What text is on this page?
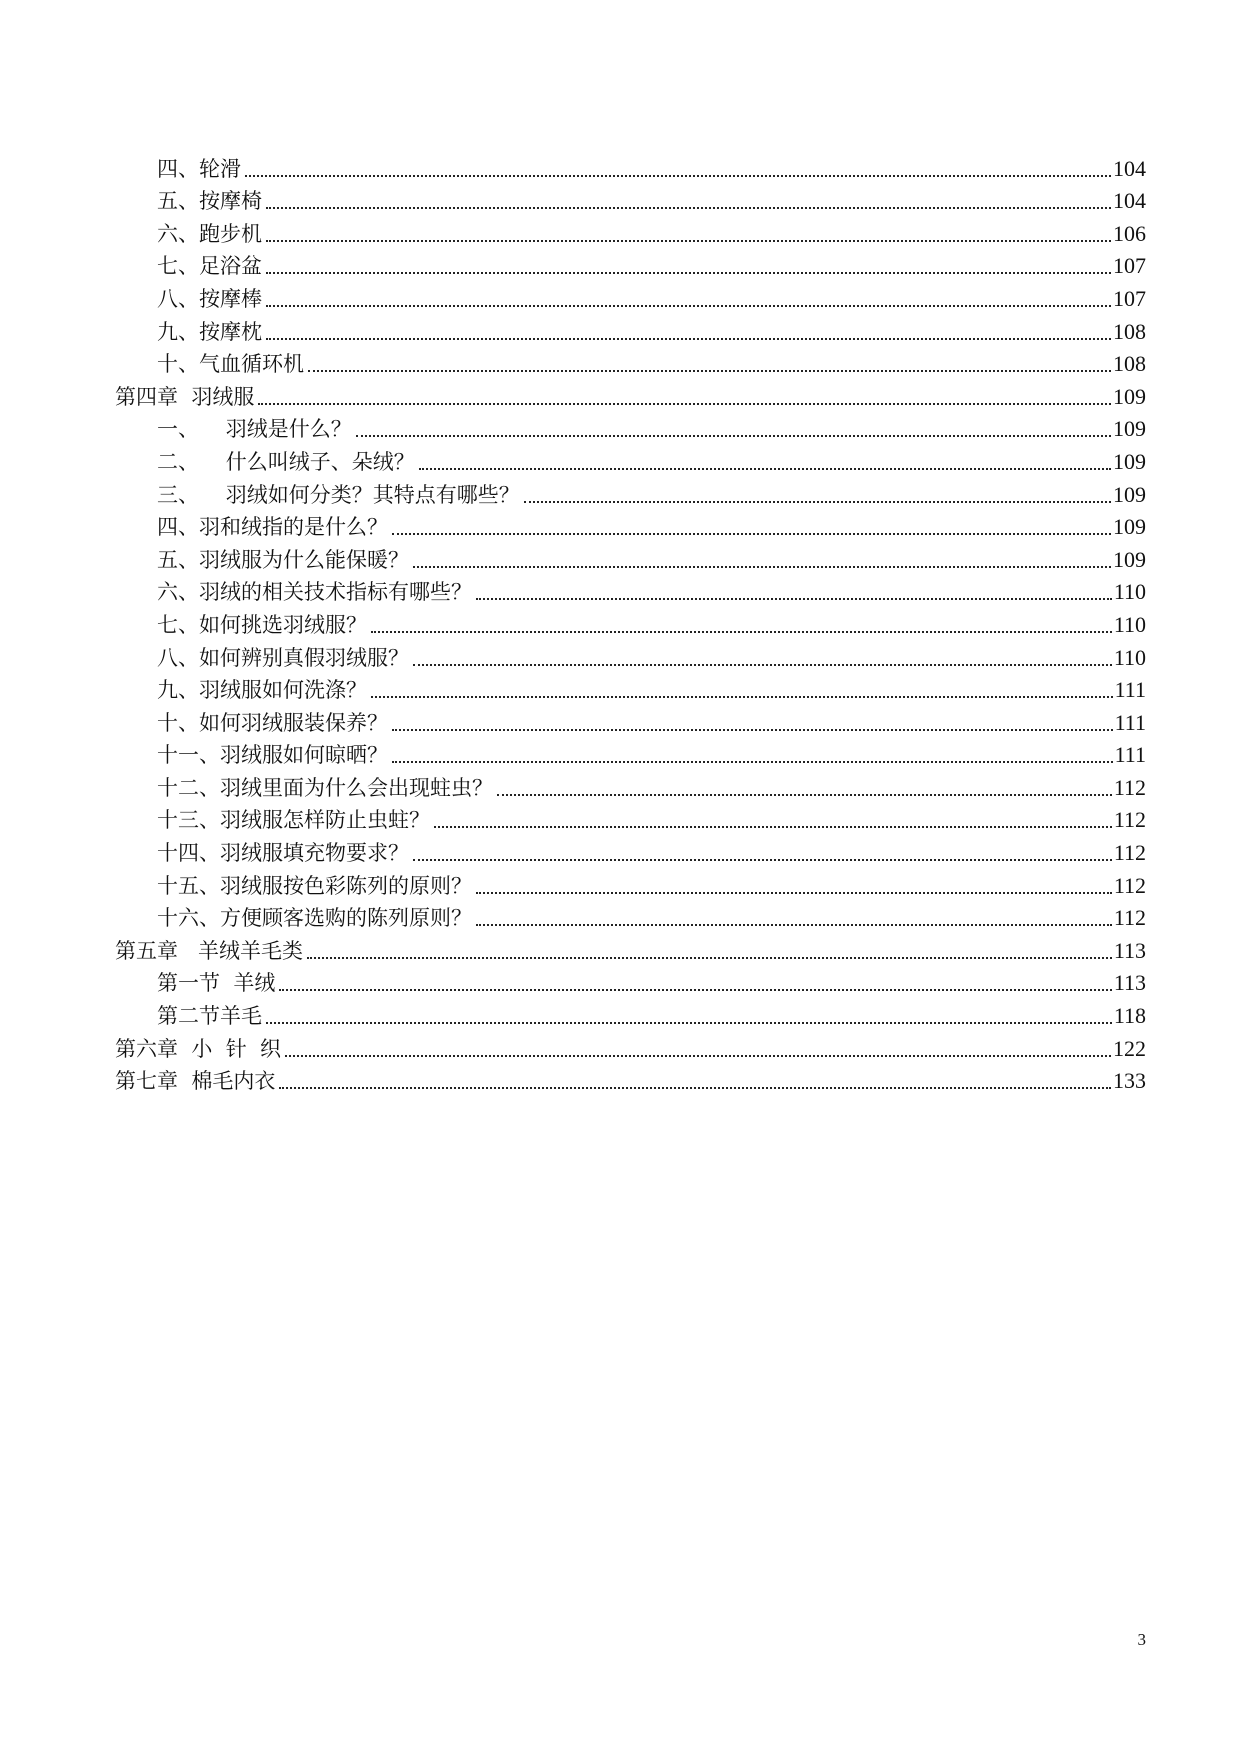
四、轮滑	104
五、按摩椅	104
六、跑步机	106
七、足浴盆	107
八、按摩棒	107
九、按摩枕	108
十、气血循环机	108
第四章  羽绒服	109
一、    羽绒是什么？	109
二、    什么叫绒子、朵绒？	109
三、    羽绒如何分类？其特点有哪些？	109
四、羽和绒指的是什么？	109
五、羽绒服为什么能保暖？	109
六、羽绒的相关技术指标有哪些？	110
七、如何挑选羽绒服？	110
八、如何辨别真假羽绒服？	110
九、羽绒服如何洗涤？	111
十、如何羽绒服装保养？	111
十一、羽绒服如何晾晒？	111
十二、羽绒里面为什么会出现蛀虫？	112
十三、羽绒服怎样防止虫蛀？	112
十四、羽绒服填充物要求？	112
十五、羽绒服按色彩陈列的原则？	112
十六、方便顾客选购的陈列原则？	112
第五章   羊绒羊毛类	113
第一节  羊绒	113
第二节羊毛	118
第六章  小  针  织	122
第七章  棉毛内衣	133
3
